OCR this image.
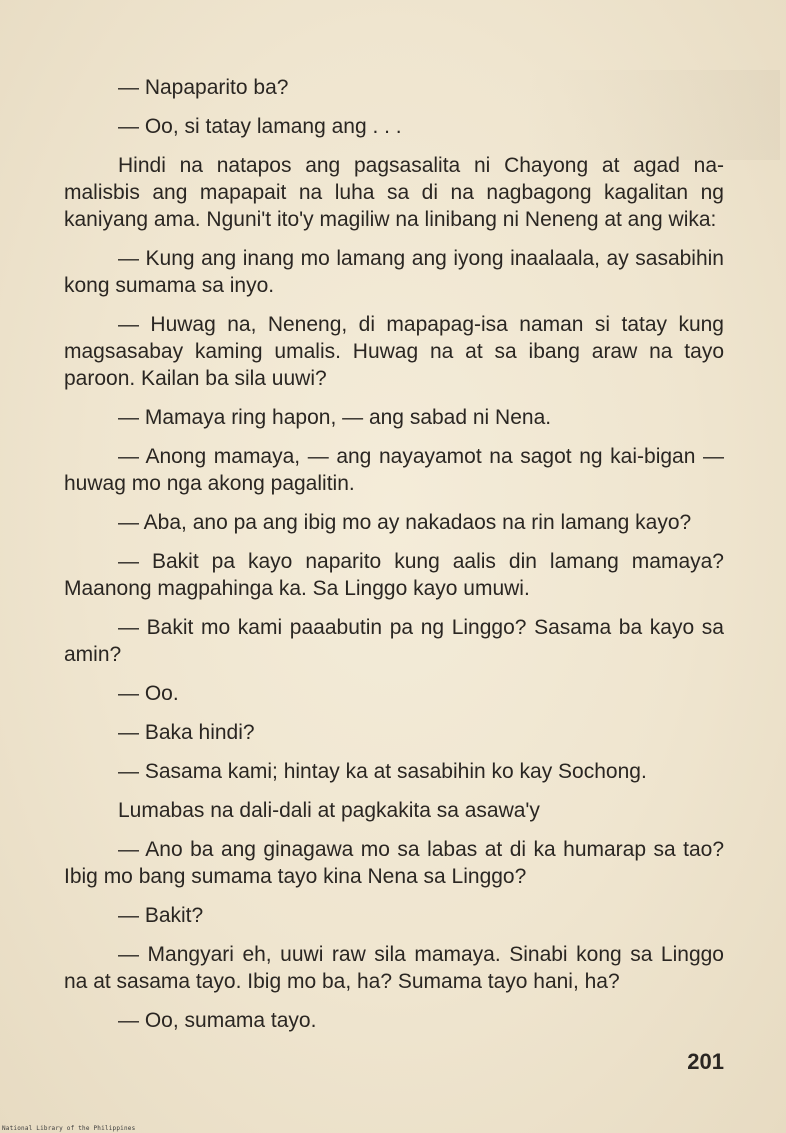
— Napaparito ba?

— Oo, si tatay lamang ang . . .

Hindi na natapos ang pagsasalita ni Chayong at agad na-malisbis ang mapapait na luha sa di na nagbagong kagalitan ng kaniyang ama. Nguni't ito'y magiliw na linibang ni Neneng at ang wika:

— Kung ang inang mo lamang ang iyong inaalaala, ay sasabihin kong sumama sa inyo.

— Huwag na, Neneng, di mapapag-isa naman si tatay kung magsasabay kaming umalis. Huwag na at sa ibang araw na tayo paroon. Kailan ba sila uuwi?

— Mamaya ring hapon, — ang sabad ni Nena.

— Anong mamaya, — ang nayayamot na sagot ng kai-bigan — huwag mo nga akong pagalitin.

— Aba, ano pa ang ibig mo ay nakadaos na rin lamang kayo?

— Bakit pa kayo naparito kung aalis din lamang mamaya? Maanong magpahinga ka. Sa Linggo kayo umuwi.

— Bakit mo kami paaabutin pa ng Linggo? Sasama ba kayo sa amin?

— Oo.

— Baka hindi?

— Sasama kami; hintay ka at sasabihin ko kay Sochong.

Lumabas na dali-dali at pagkakita sa asawa'y

— Ano ba ang ginagawa mo sa labas at di ka humarap sa tao? Ibig mo bang sumama tayo kina Nena sa Linggo?

— Bakit?

— Mangyari eh, uuwi raw sila mamaya. Sinabi kong sa Linggo na at sasama tayo. Ibig mo ba, ha? Sumama tayo hani, ha?

— Oo, sumama tayo.

201
National Library of the Philippines
